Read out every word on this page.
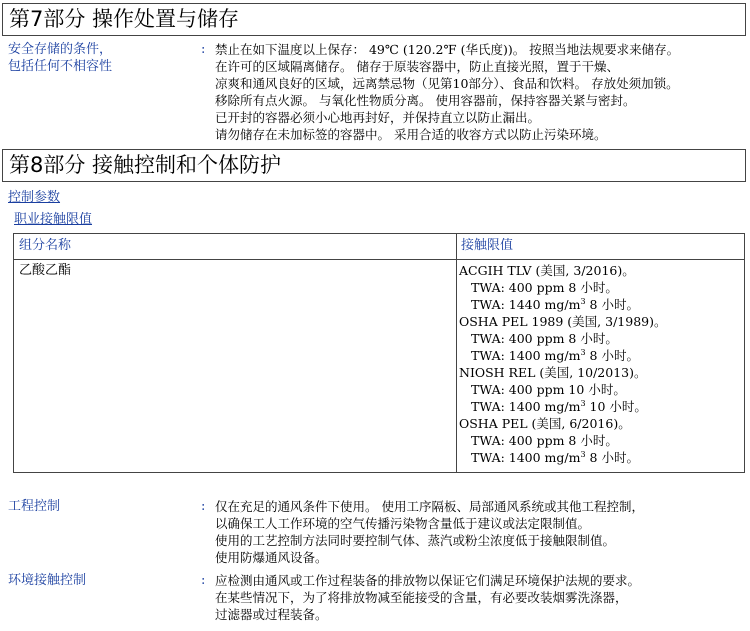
第7部分 操作处置与储存
安全存储的条件，
包括任何不相容性
: 禁止在如下温度以上保存： 49℃ (120.2℉ (华氏度))。 按照当地法规要求来储存。
在许可的区域隔离储存。 储存于原装容器中，防止直接光照，置于干燥、
凉爽和通风良好的区域，远离禁忌物（见第10部分）、食品和饮料。 存放处须加锁。
移除所有点火源。 与氧化性物质分离。 使用容器前，保持容器关紧与密封。
已开封的容器必须小心地再封好，并保持直立以防止漏出。
请勿储存在未加标签的容器中。 采用合适的收容方式以防止污染环境。
第8部分 接触控制和个体防护
控制参数
职业接触限值
组分名称	接触限值
乙酸乙酯	ACGIH TLV (美国, 3/2016)。
TWA: 400 ppm 8 小时。
TWA: 1440 $mg/m^3$ 8 小时。
OSHA PEL 1989 (美国, 3/1989)。
TWA: 400 ppm 8 小时。
TWA: 1400 $mg/m^3$ 8 小时。
NIOSH REL (美国, 10/2013)。
TWA: 400 ppm 10 小时。
TWA: 1400 $mg/m^3$ 10 小时。
OSHA PEL (美国, 6/2016)。
TWA: 400 ppm 8 小时。
TWA: 1400 $mg/m^3$ 8 小时。
工程控制	: 仅在充足的通风条件下使用。 使用工序隔板、局部通风系统或其他工程控制，
以确保工人工作环境的空气传播污染物含量低于建议或法定限制值。
使用的工艺控制方法同时要控制气体、蒸汽或粉尘浓度低于接触限制值。
使用防爆通风设备。
环境接触控制	: 应检测由通风或工作过程装备的排放物以保证它们满足环境保护法规的要求。
在某些情况下，为了将排放物减至能接受的含量，有必要改装烟雾洗涤器，
过滤器或过程装备。
